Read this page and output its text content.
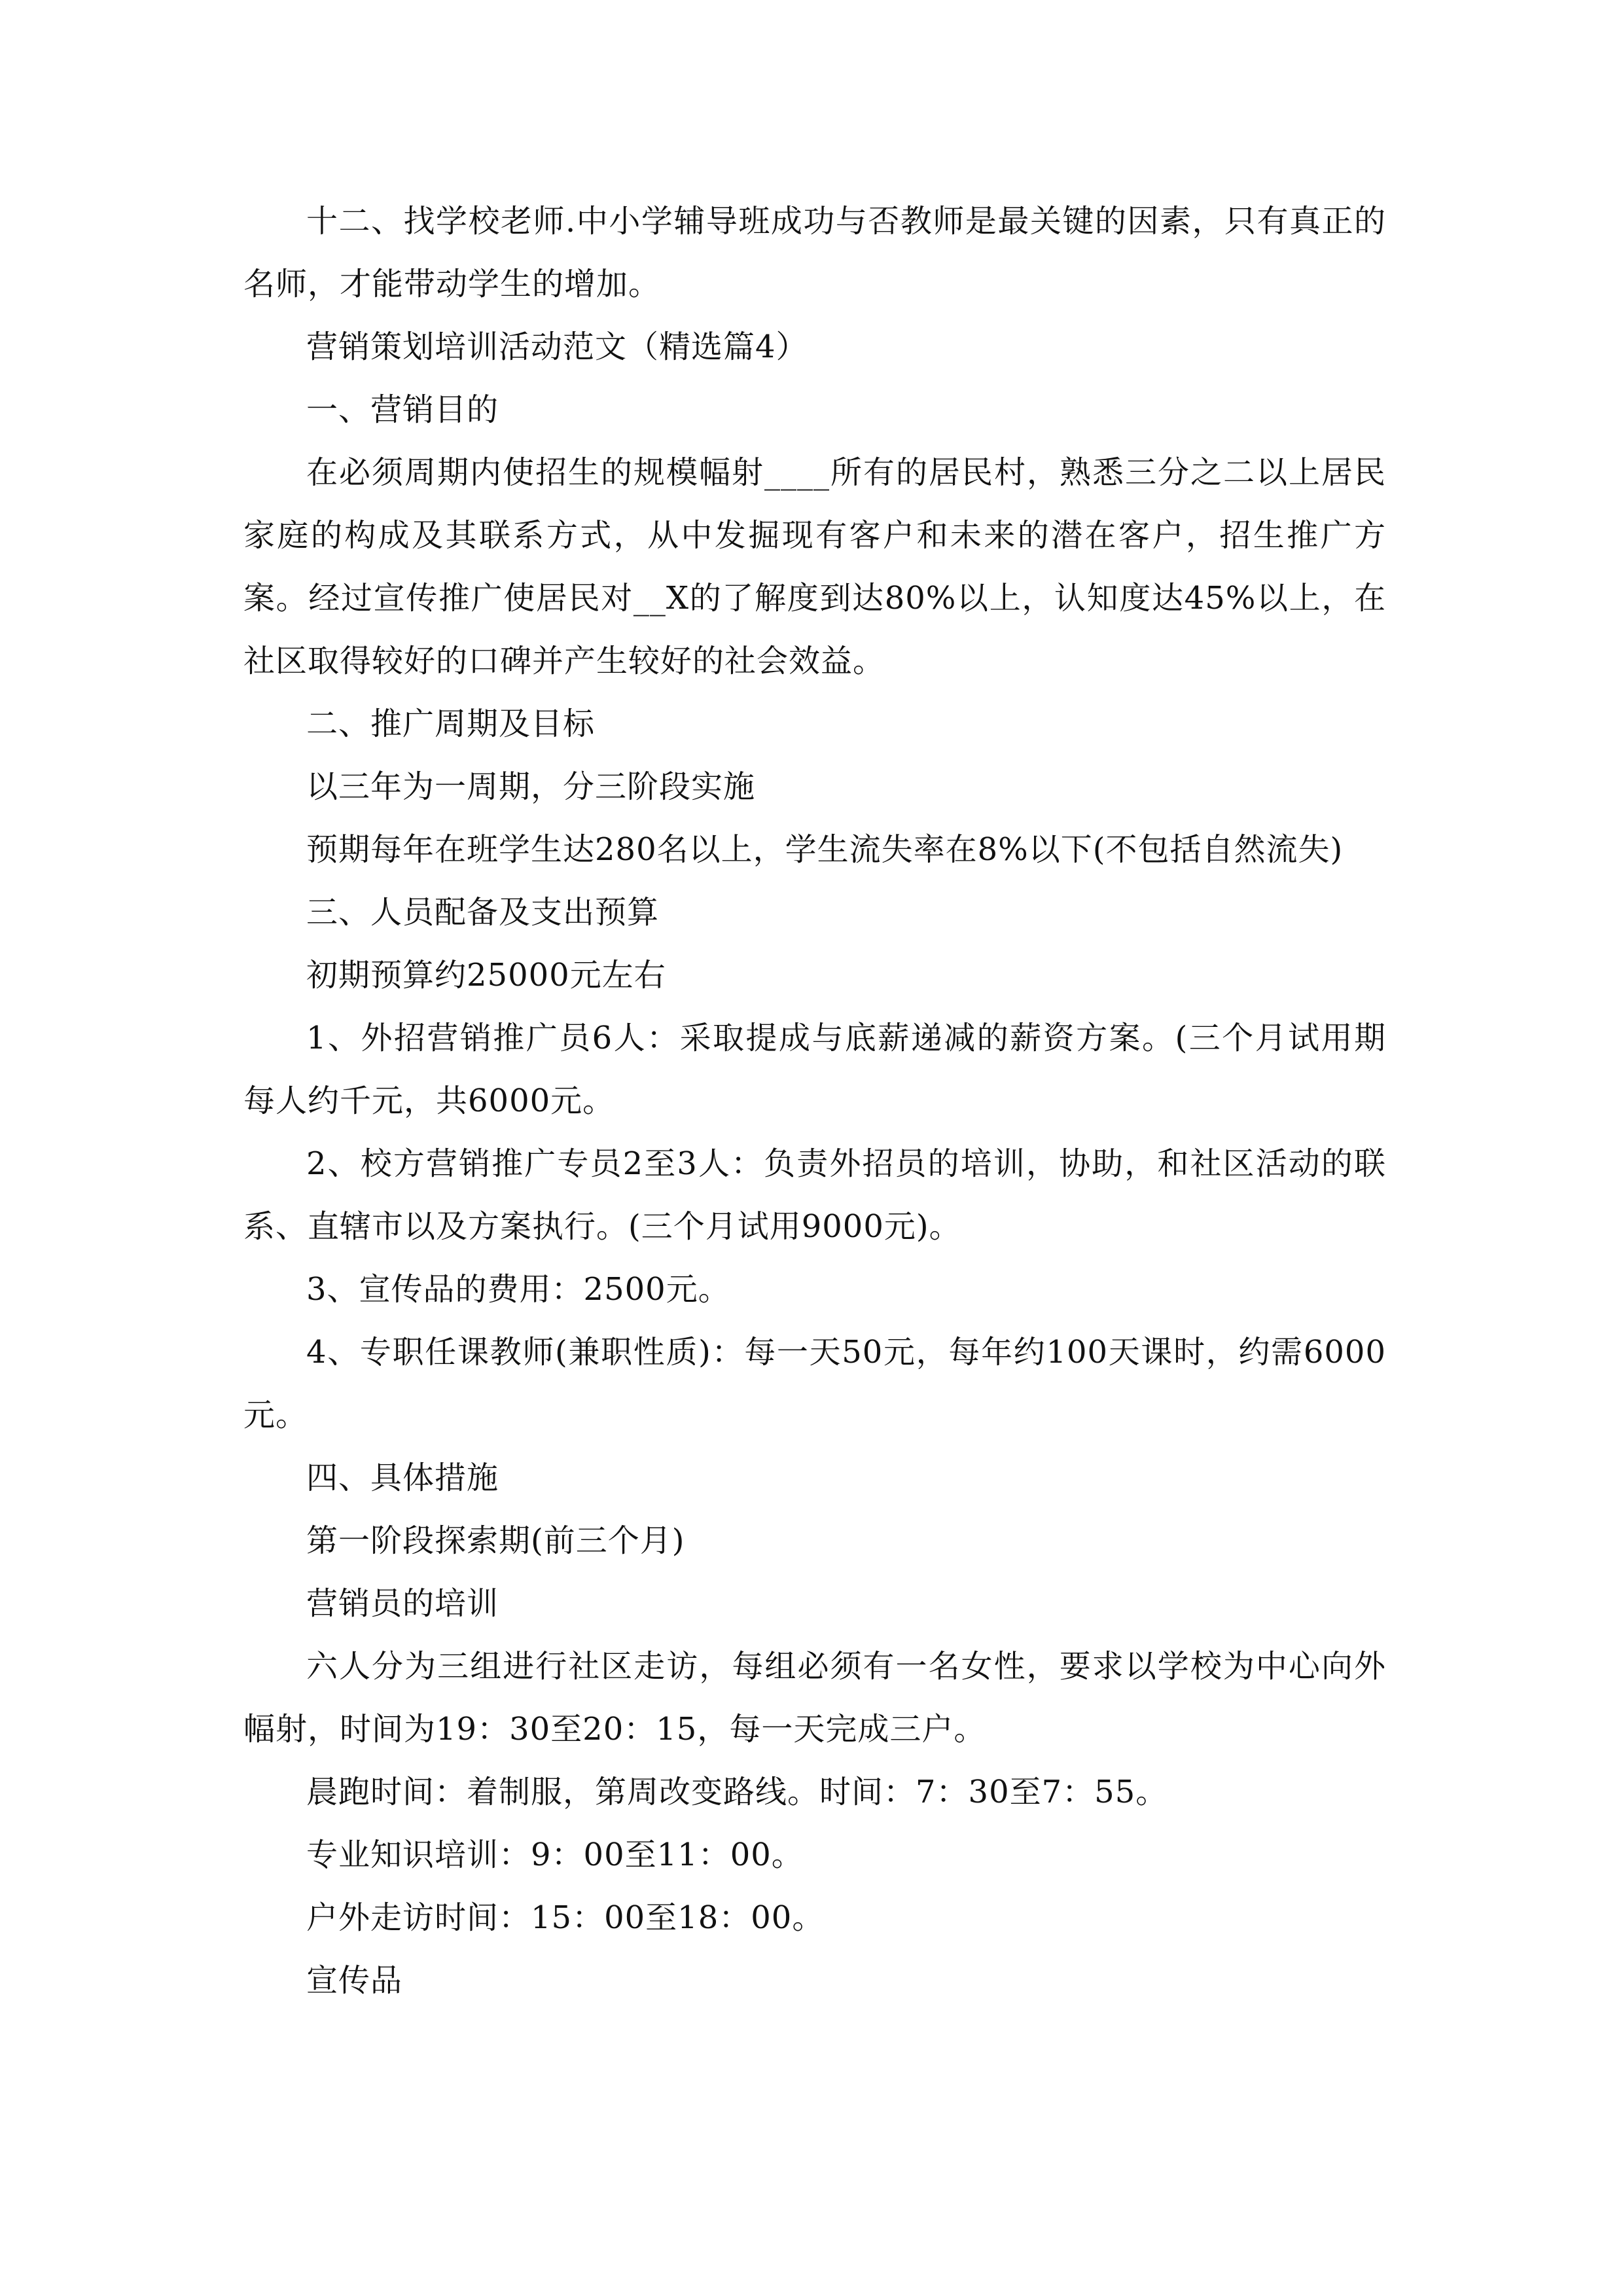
十二、找学校老师.中小学辅导班成功与否教师是最关键的因素，只有真正的名师，才能带动学生的增加。

营销策划培训活动范文（精选篇4）

一、营销目的

在必须周期内使招生的规模幅射____所有的居民村，熟悉三分之二以上居民家庭的构成及其联系方式，从中发掘现有客户和未来的潜在客户，招生推广方案。经过宣传推广使居民对__X的了解度到达80%以上，认知度达45%以上，在社区取得较好的口碑并产生较好的社会效益。

二、推广周期及目标

以三年为一周期，分三阶段实施

预期每年在班学生达280名以上，学生流失率在8%以下(不包括自然流失)

三、人员配备及支出预算

初期预算约25000元左右

1、外招营销推广员6人：采取提成与底薪递减的薪资方案。(三个月试用期每人约千元，共6000元。

2、校方营销推广专员2至3人：负责外招员的培训，协助，和社区活动的联系、直辖市以及方案执行。(三个月试用9000元)。

3、宣传品的费用：2500元。

4、专职任课教师(兼职性质)：每一天50元，每年约100天课时，约需6000元。

四、具体措施

第一阶段探索期(前三个月)

营销员的培训

六人分为三组进行社区走访，每组必须有一名女性，要求以学校为中心向外幅射，时间为19：30至20：15，每一天完成三户。

晨跑时间：着制服，第周改变路线。时间：7：30至7：55。

专业知识培训：9：00至11：00。

户外走访时间：15：00至18：00。

宣传品
